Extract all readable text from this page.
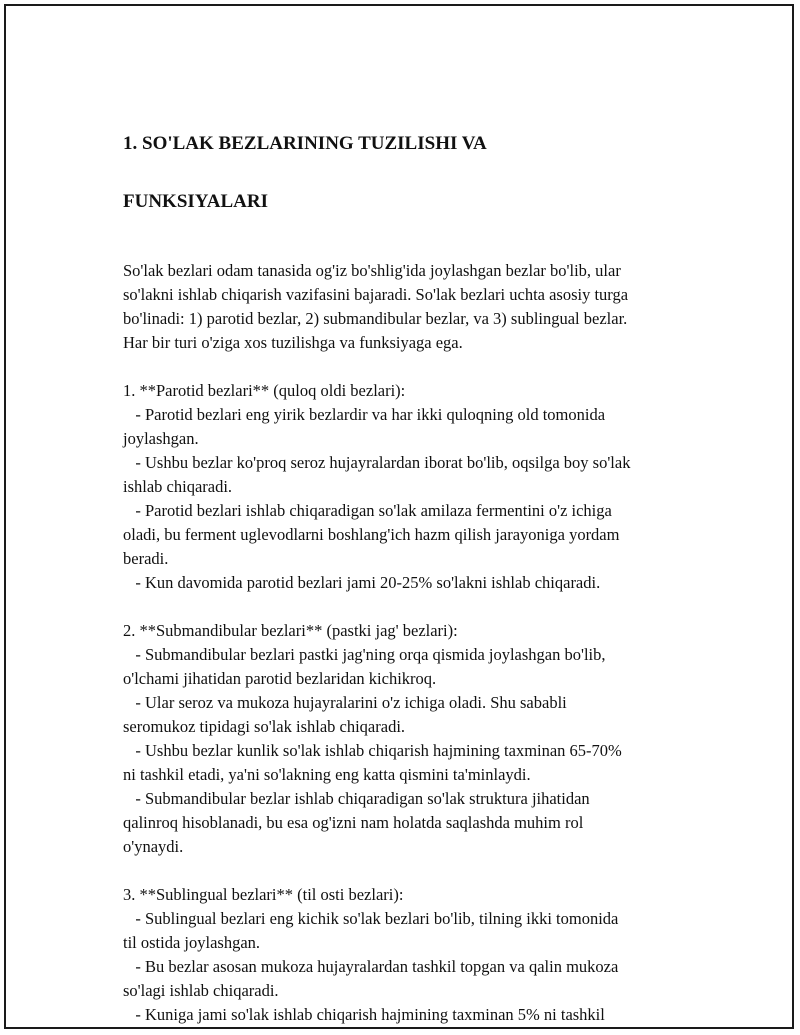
1. SO'LAK BEZLARINING TUZILISHI VA

FUNKSIYALARI

So'lak bezlari odam tanasida og'iz bo'shlig'ida joylashgan bezlar bo'lib, ular
so'lakni ishlab chiqarish vazifasini bajaradi. So'lak bezlari uchta asosiy turga
bo'linadi: 1) parotid bezlar, 2) submandibular bezlar, va 3) sublingual bezlar.
Har bir turi o'ziga xos tuzilishga va funksiyaga ega.
1. **Parotid bezlari** (quloq oldi bezlari):
- Parotid bezlari eng yirik bezlardir va har ikki quloqning old tomonida
joylashgan.
- Ushbu bezlar ko'proq seroz hujayralardan iborat bo'lib, oqsilga boy so'lak
ishlab chiqaradi.
- Parotid bezlari ishlab chiqaradigan so'lak amilaza fermentini o'z ichiga
oladi, bu ferment uglevodlarni boshlang'ich hazm qilish jarayoniga yordam
beradi.
- Kun davomida parotid bezlari jami 20-25% so'lakni ishlab chiqaradi.
2. **Submandibular bezlari** (pastki jag' bezlari):
- Submandibular bezlari pastki jag'ning orqa qismida joylashgan bo'lib,
o'lchami jihatidan parotid bezlaridan kichikroq.
- Ular seroz va mukoza hujayralarini o'z ichiga oladi. Shu sababli
seromukoz tipidagi so'lak ishlab chiqaradi.
- Ushbu bezlar kunlik so'lak ishlab chiqarish hajmining taxminan 65-70%
ni tashkil etadi, ya'ni so'lakning eng katta qismini ta'minlaydi.
- Submandibular bezlar ishlab chiqaradigan so'lak struktura jihatidan
qalinroq hisoblanadi, bu esa og'izni nam holatda saqlashda muhim rol
o'ynaydi.
3. **Sublingual bezlari** (til osti bezlari):
- Sublingual bezlari eng kichik so'lak bezlari bo'lib, tilning ikki tomonida
til ostida joylashgan.
- Bu bezlar asosan mukoza hujayralardan tashkil topgan va qalin mukoza
so'lagi ishlab chiqaradi.
- Kuniga jami so'lak ishlab chiqarish hajmining taxminan 5% ni tashkil
